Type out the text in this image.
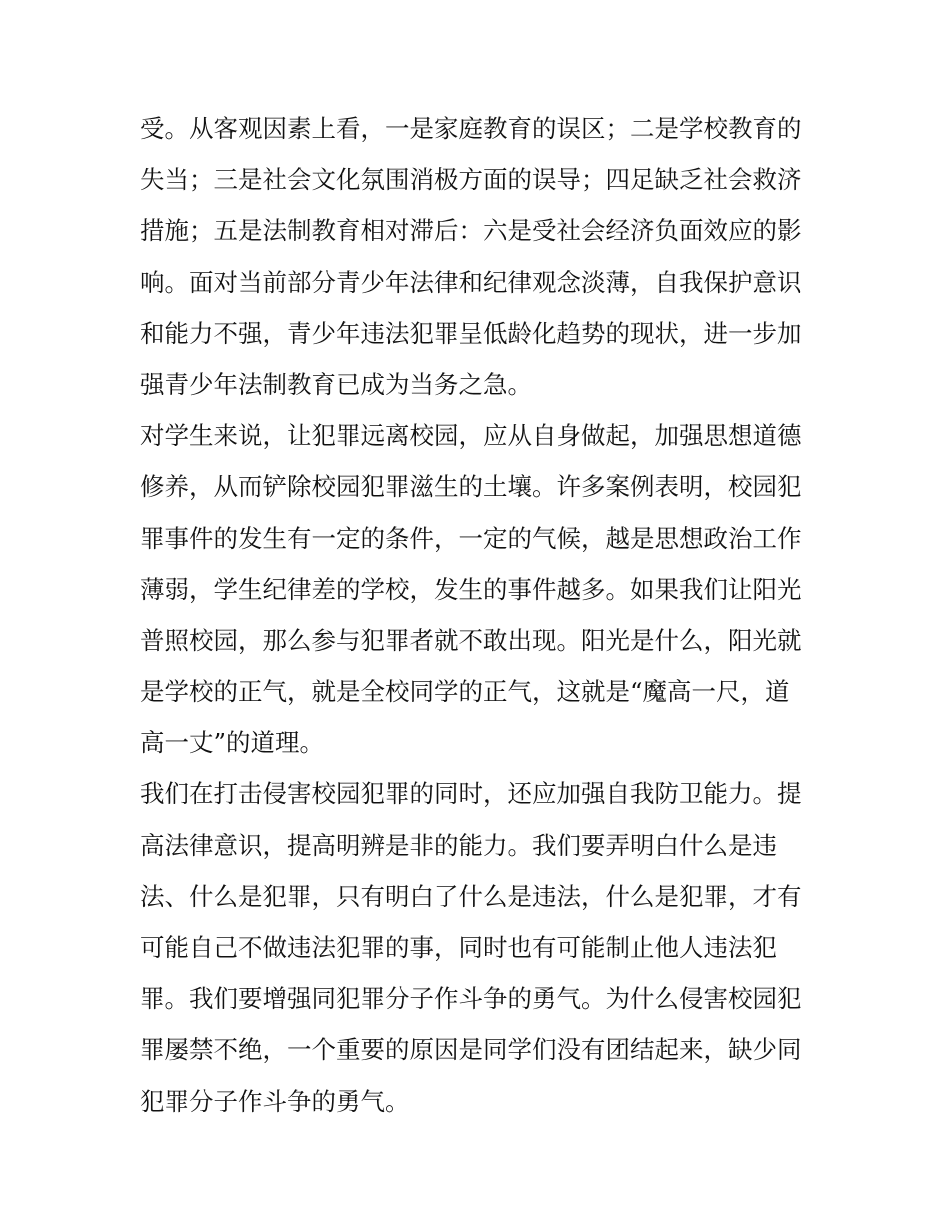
受。从客观因素上看，一是家庭教育的误区；二是学校教育的
失当；三是社会文化氛围消极方面的误导；四足缺乏社会救济
措施；五是法制教育相对滞后：六是受社会经济负面效应的影
响。面对当前部分青少年法律和纪律观念淡薄，自我保护意识
和能力不强，青少年违法犯罪呈低龄化趋势的现状，进一步加
强青少年法制教育已成为当务之急。
对学生来说，让犯罪远离校园，应从自身做起，加强思想道德
修养，从而铲除校园犯罪滋生的土壤。许多案例表明，校园犯
罪事件的发生有一定的条件，一定的气候，越是思想政治工作
薄弱，学生纪律差的学校，发生的事件越多。如果我们让阳光
普照校园，那么参与犯罪者就不敢出现。阳光是什么，阳光就
是学校的正气，就是全校同学的正气，这就是“魔高一尺，道
高一丈”的道理。
我们在打击侵害校园犯罪的同时，还应加强自我防卫能力。提
高法律意识，提高明辨是非的能力。我们要弄明白什么是违
法、什么是犯罪，只有明白了什么是违法，什么是犯罪，才有
可能自己不做违法犯罪的事，同时也有可能制止他人违法犯
罪。我们要增强同犯罪分子作斗争的勇气。为什么侵害校园犯
罪屡禁不绝，一个重要的原因是同学们没有团结起来，缺少同
犯罪分子作斗争的勇气。
